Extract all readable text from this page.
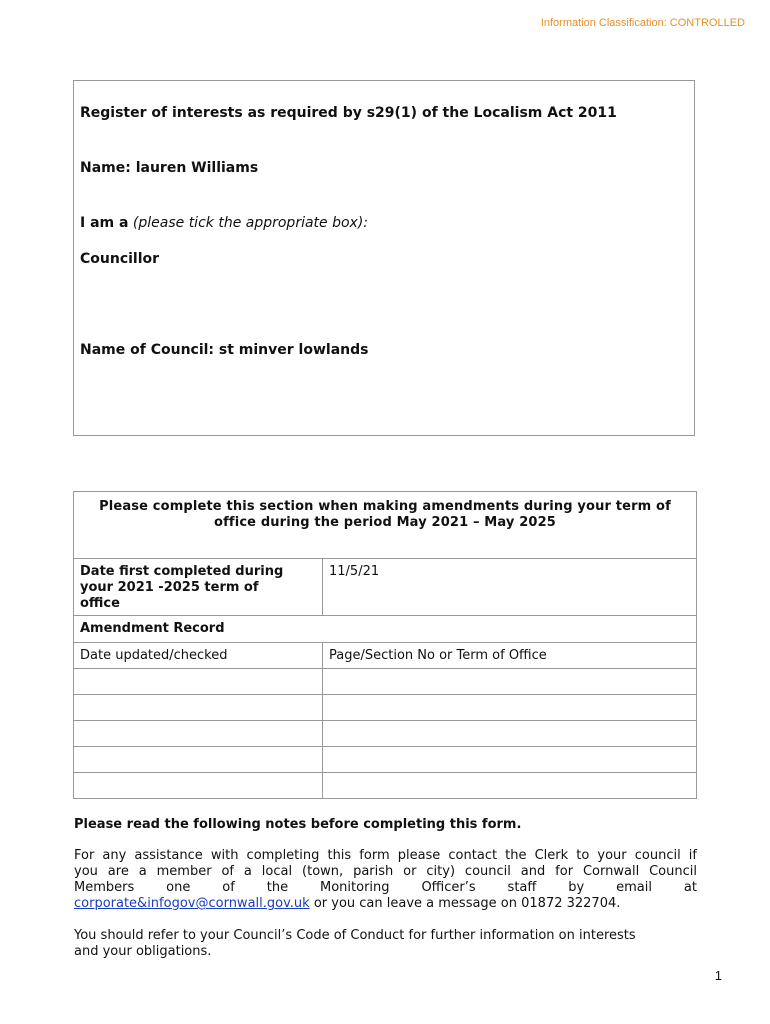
Information Classification: CONTROLLED
Register of interests as required by s29(1) of the Localism Act 2011
Name: lauren Williams
I am a (please tick the appropriate box):
Councillor
Name of Council: st minver lowlands
Please complete this section when making amendments during your term of
office during the period May 2021 – May 2025	

Date first completed during
your 2021 -2025 term of
office	11/5/21
Amendment Record	
Date updated/checked	Page/Section No or Term of Office

Please read the following notes before completing this form.
For any assistance with completing this form please contact the Clerk to your council if
you are a member of a local (town, parish or city) council and for Cornwall Council
Members one of the Monitoring Officer’s staff by email at
corporate&infogov@cornwall.gov.uk or you can leave a message on 01872 322704.
You should refer to your Council’s Code of Conduct for further information on interests
and your obligations.
1
